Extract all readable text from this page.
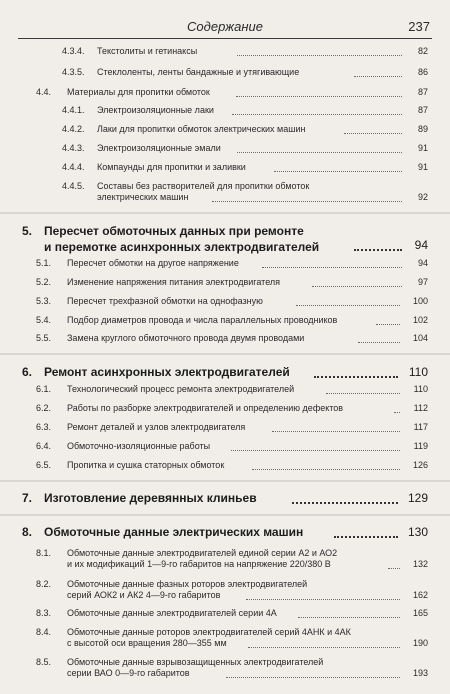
Содержание	237
4.3.4. Текстолиты и гетинаксы	82
4.3.5. Стеклоленты, ленты бандажные и утягивающие	86
4.4. Материалы для пропитки обмоток	87
4.4.1. Электроизоляционные лаки	87
4.4.2. Лаки для пропитки обмоток электрических машин	89
4.4.3. Электроизоляционные эмали	91
4.4.4. Компаунды для пропитки и заливки	91
4.4.5. Составы без растворителей для пропитки обмоток
электрических машин	92
5. Пересчет обмоточных данных при ремонте
и перемотке асинхронных электродвигателей	94
5.1. Пересчет обмотки на другое напряжение	94
5.2. Изменение напряжения питания электродвигателя	97
5.3. Пересчет трехфазной обмотки на однофазную	100
5.4. Подбор диаметров провода и числа параллельных проводников	102
5.5. Замена круглого обмоточного провода двумя проводами	104
6. Ремонт асинхронных электродвигателей	110
6.1. Технологический процесс ремонта электродвигателей	110
6.2. Работы по разборке электродвигателей и определению дефектов	112
6.3. Ремонт деталей и узлов электродвигателя	117
6.4. Обмоточно-изоляционные работы	119
6.5. Пропитка и сушка статорных обмоток	126
7. Изготовление деревянных клиньев	129
8. Обмоточные данные электрических машин	130
8.1. Обмоточные данные электродвигателей единой серии А2 и АО2
и их модификаций 1—9-го габаритов на напряжение 220/380 В	132
8.2. Обмоточные данные фазных роторов электродвигателей
серий АОК2 и АК2 4—9-го габаритов	162
8.3. Обмоточные данные электродвигателей серии 4А	165
8.4. Обмоточные данные роторов электродвигателей серий 4АНК и 4АК
с высотой оси вращения 280—355 мм	190
8.5. Обмоточные данные взрывозащищенных электродвигателей
серии ВАО 0—9-го габаритов	193
